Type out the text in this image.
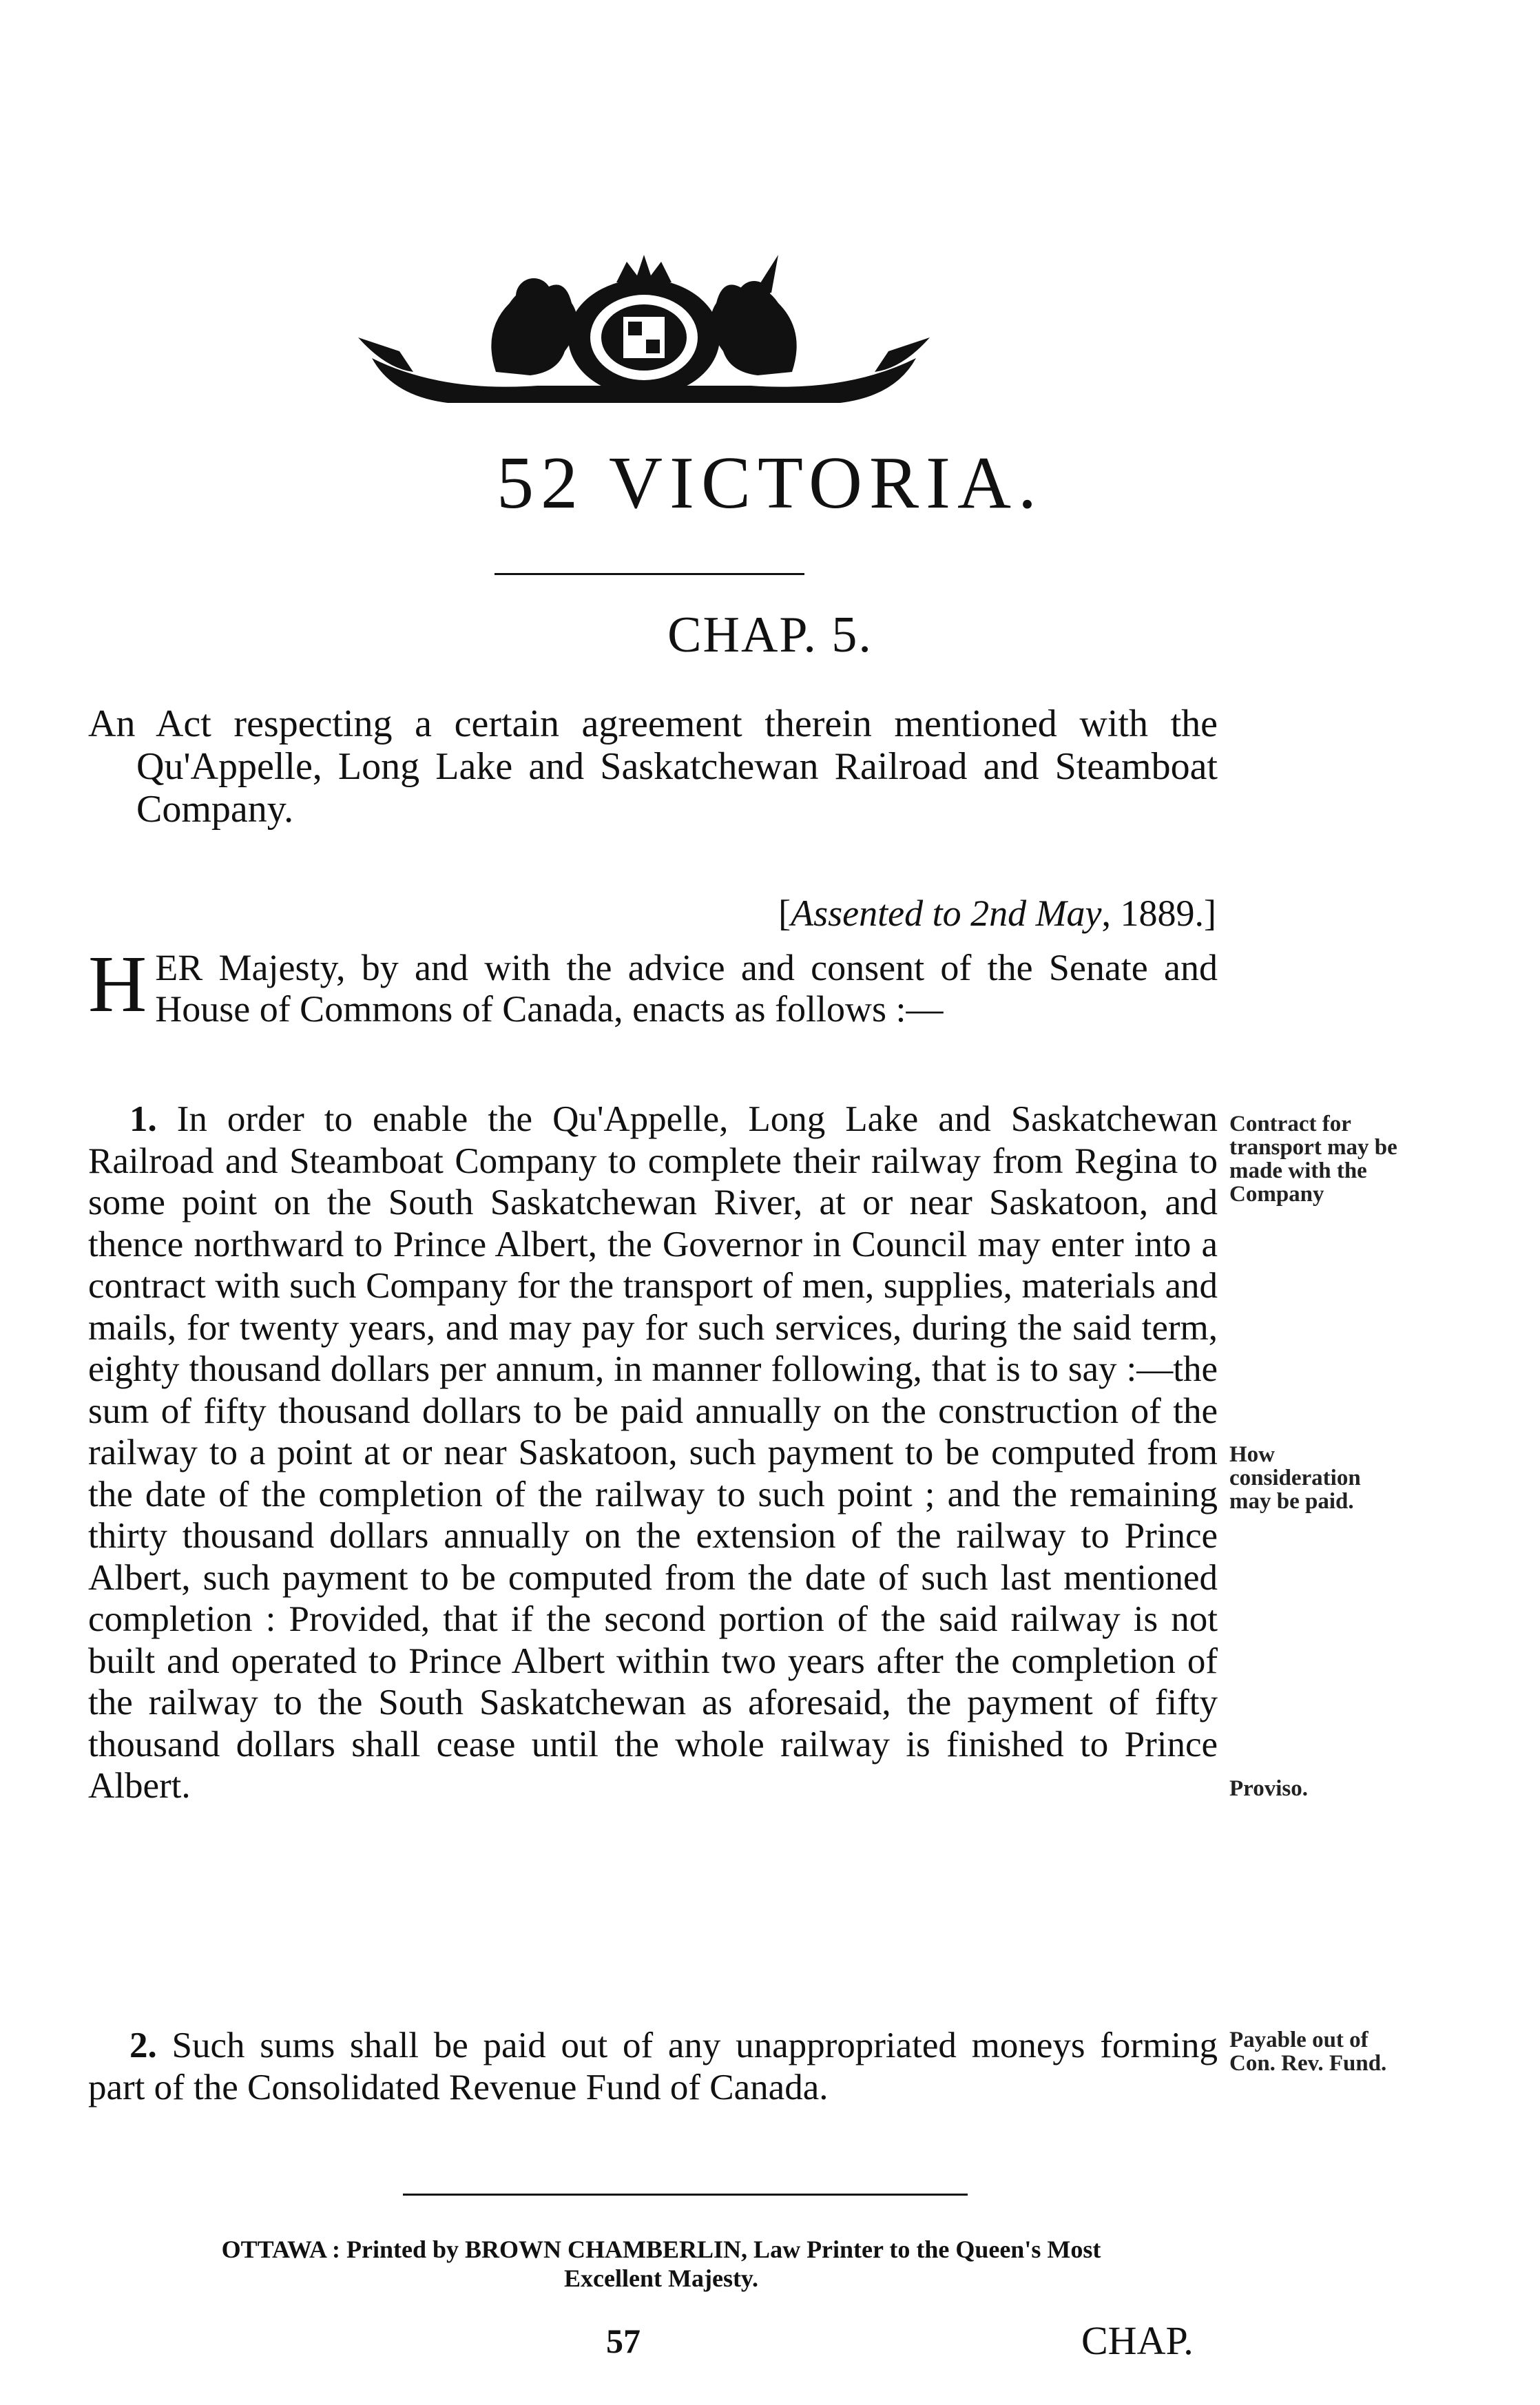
52 VICTORIA.
CHAP. 5.
An Act respecting a certain agreement therein mentioned with the Qu'Appelle, Long Lake and Saskatchewan Railroad and Steamboat Company.
[Assented to 2nd May, 1889.]
HER Majesty, by and with the advice and consent of the Senate and House of Commons of Canada, enacts as follows :—
1. In order to enable the Qu'Appelle, Long Lake and Saskatchewan Railroad and Steamboat Company to complete their railway from Regina to some point on the South Saskatchewan River, at or near Saskatoon, and thence northward to Prince Albert, the Governor in Council may enter into a contract with such Company for the transport of men, supplies, materials and mails, for twenty years, and may pay for such services, during the said term, eighty thousand dollars per annum, in manner following, that is to say :—the sum of fifty thousand dollars to be paid annually on the construction of the railway to a point at or near Saskatoon, such payment to be computed from the date of the completion of the railway to such point ; and the remaining thirty thousand dollars annually on the extension of the railway to Prince Albert, such payment to be computed from the date of such last mentioned completion : Provided, that if the second portion of the said railway is not built and operated to Prince Albert within two years after the completion of the railway to the South Saskatchewan as aforesaid, the payment of fifty thousand dollars shall cease until the whole railway is finished to Prince Albert.
2. Such sums shall be paid out of any unappropriated moneys forming part of the Consolidated Revenue Fund of Canada.
Contract for transport may be made with the Company
How consideration may be paid.
Proviso.
Payable out of Con. Rev. Fund.
OTTAWA : Printed by BROWN CHAMBERLIN, Law Printer to the Queen's Most
Excellent Majesty.
57	CHAP.
